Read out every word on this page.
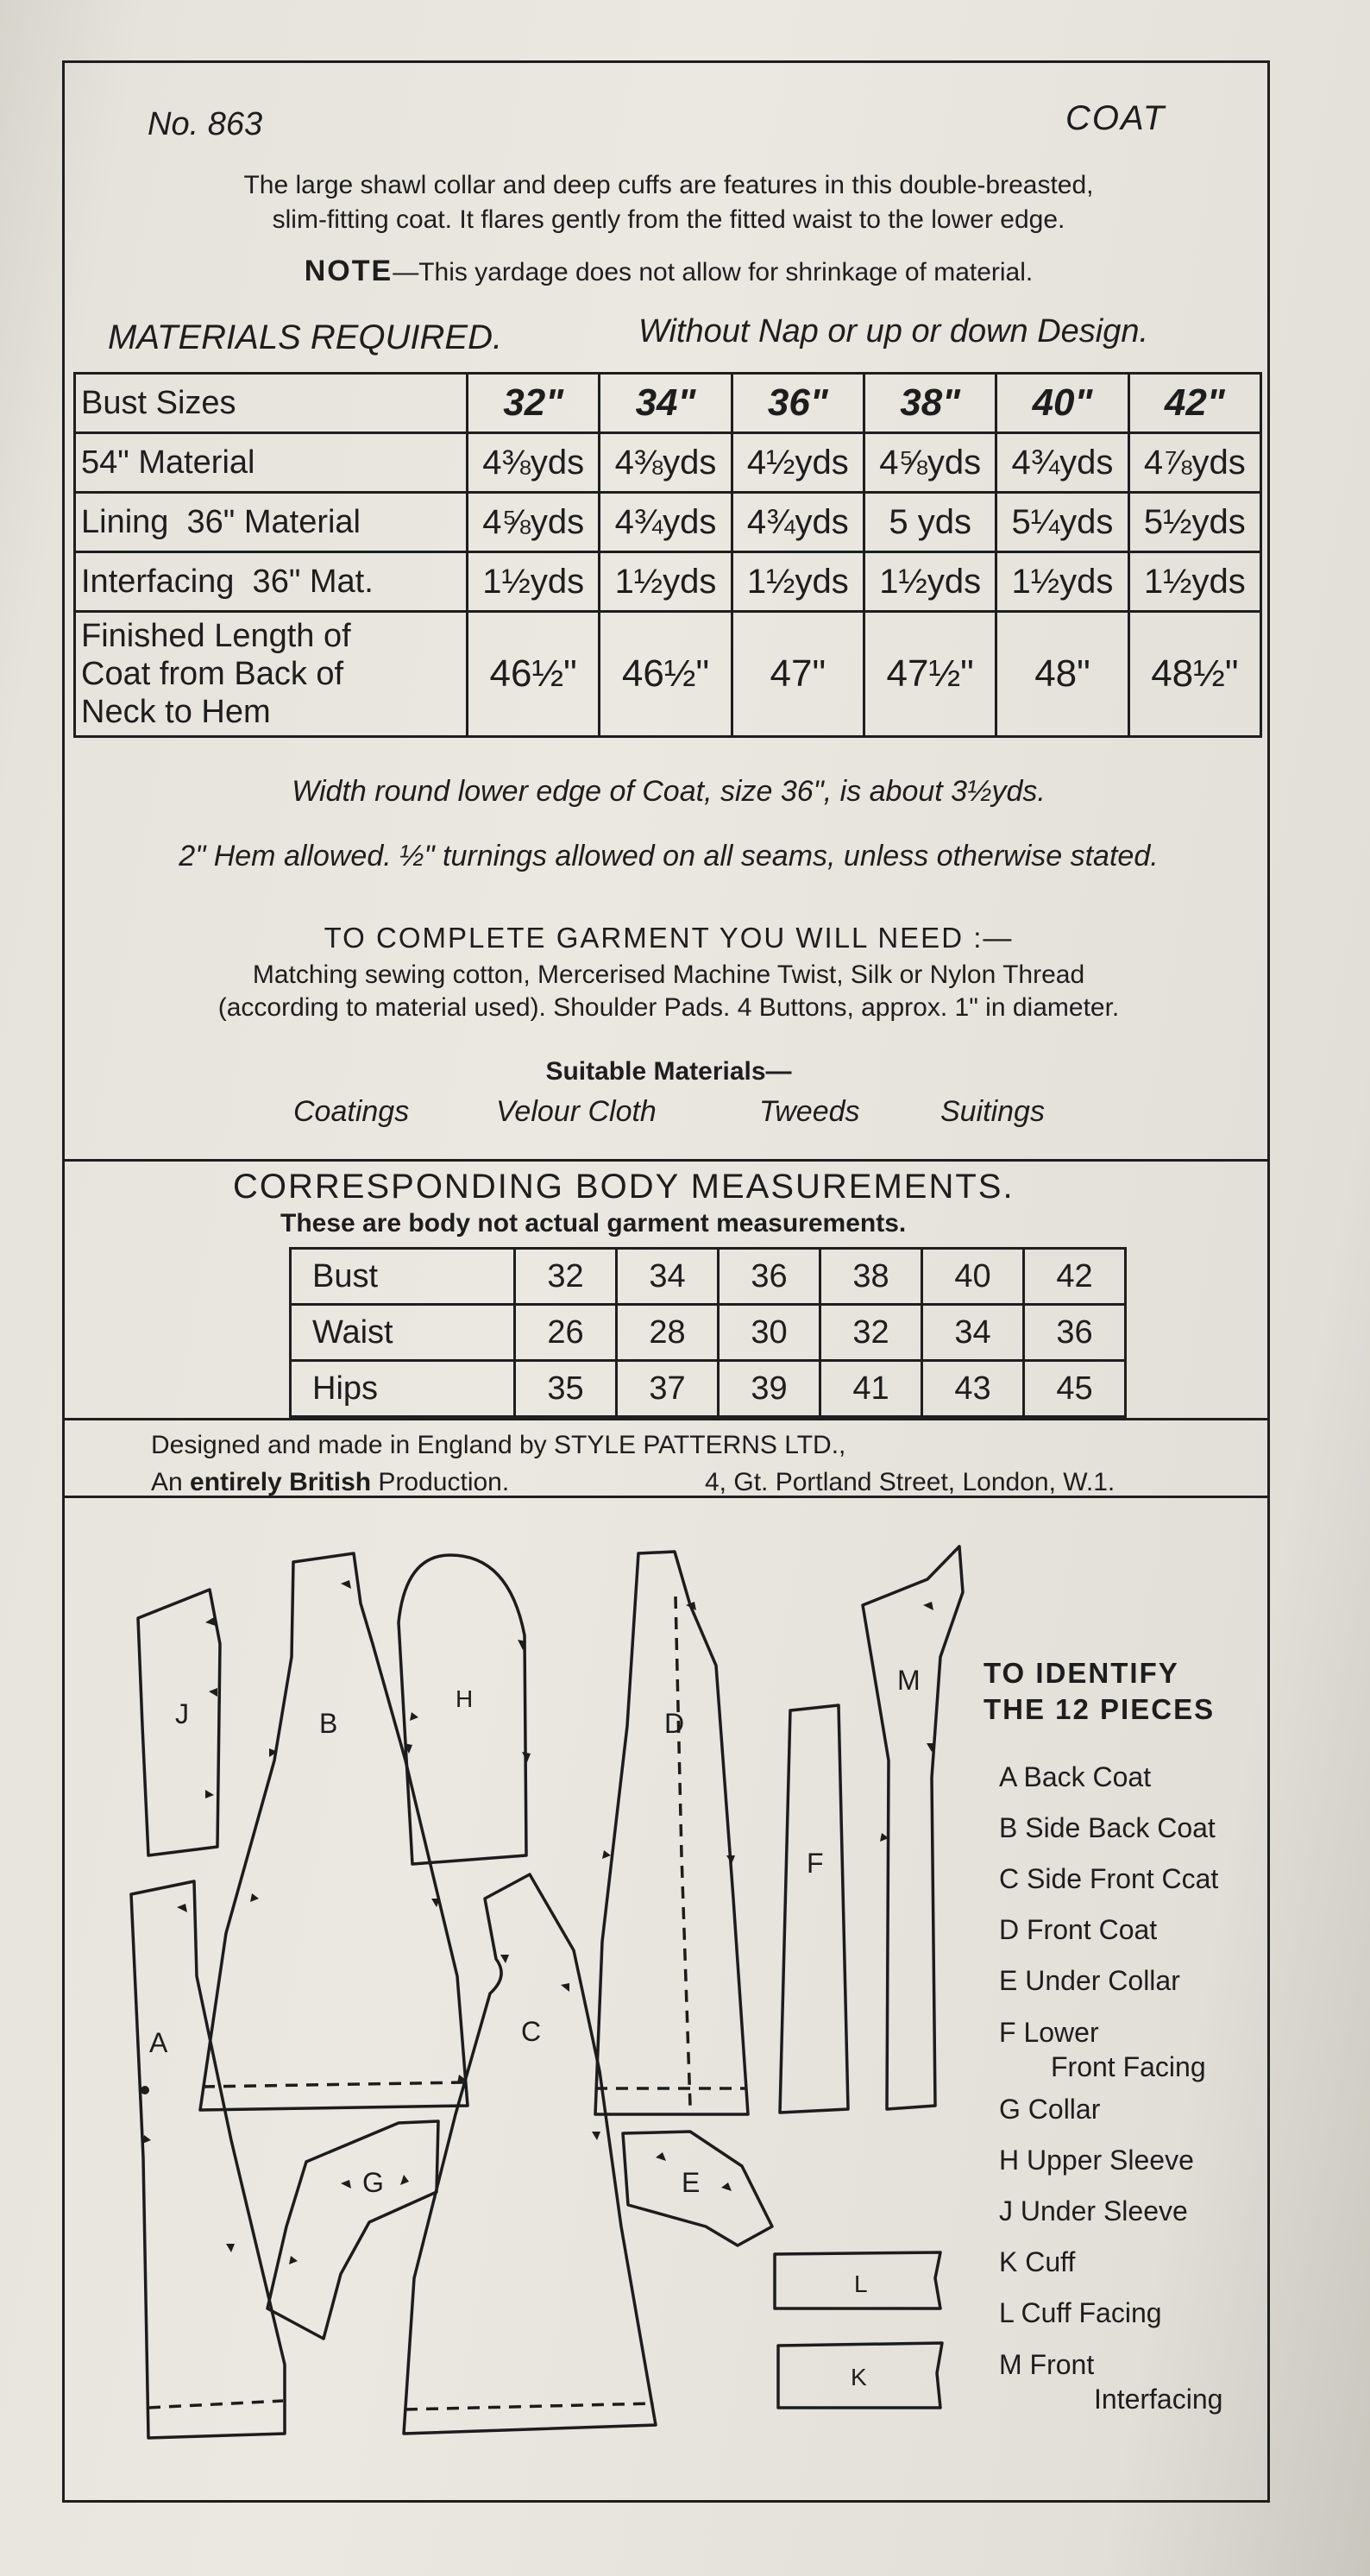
No. 863	COAT
The large shawl collar and deep cuffs are features in this double-breasted,
slim-fitting coat. It flares gently from the fitted waist to the lower edge.
NOTE—This yardage does not allow for shrinkage of material.
MATERIALS REQUIRED.	Without Nap or up or down Design.
Bust Sizes	32"	34"	36"	38"	40"	42"
54" Material	4⅜yds	4⅜yds	4½yds	4⅝yds	4¾yds	4⅞yds
Lining  36" Material	4⅝yds	4¾yds	4¾yds	5 yds	5¼yds	5½yds
Interfacing  36" Mat.	1½yds	1½yds	1½yds	1½yds	1½yds	1½yds

Finished Length of
Coat from Back of
Neck to Hem	46½"	46½"	47"	47½"	48"	48½"
Width round lower edge of Coat, size 36", is about 3½yds.
2" Hem allowed. ½" turnings allowed on all seams, unless otherwise stated.
TO COMPLETE GARMENT YOU WILL NEED :—
Matching sewing cotton, Mercerised Machine Twist, Silk or Nylon Thread
(according to material used). Shoulder Pads. 4 Buttons, approx. 1" in diameter.
Suitable Materials—
Coatings	Velour Cloth	Tweeds	Suitings
CORRESPONDING BODY MEASUREMENTS.
These are body not actual garment measurements.
Bust	32	34	36	38	40	42
Waist	26	28	30	32	34	36
Hips	35	37	39	41	43	45
Designed and made in England by STYLE PATTERNS LTD.,
An entirely British Production.	4, Gt. Portland Street, London, W.1.
J	B
H
D
F
M
A	C
G	E
L
K
TO IDENTIFY
THE 12 PIECES
A Back Coat
B Side Back Coat
C Side Front Ccat
D Front Coat
E Under Collar
F Lower
Front Facing
G Collar
H Upper Sleeve
J Under Sleeve
K Cuff
L Cuff Facing
M Front
Interfacing
